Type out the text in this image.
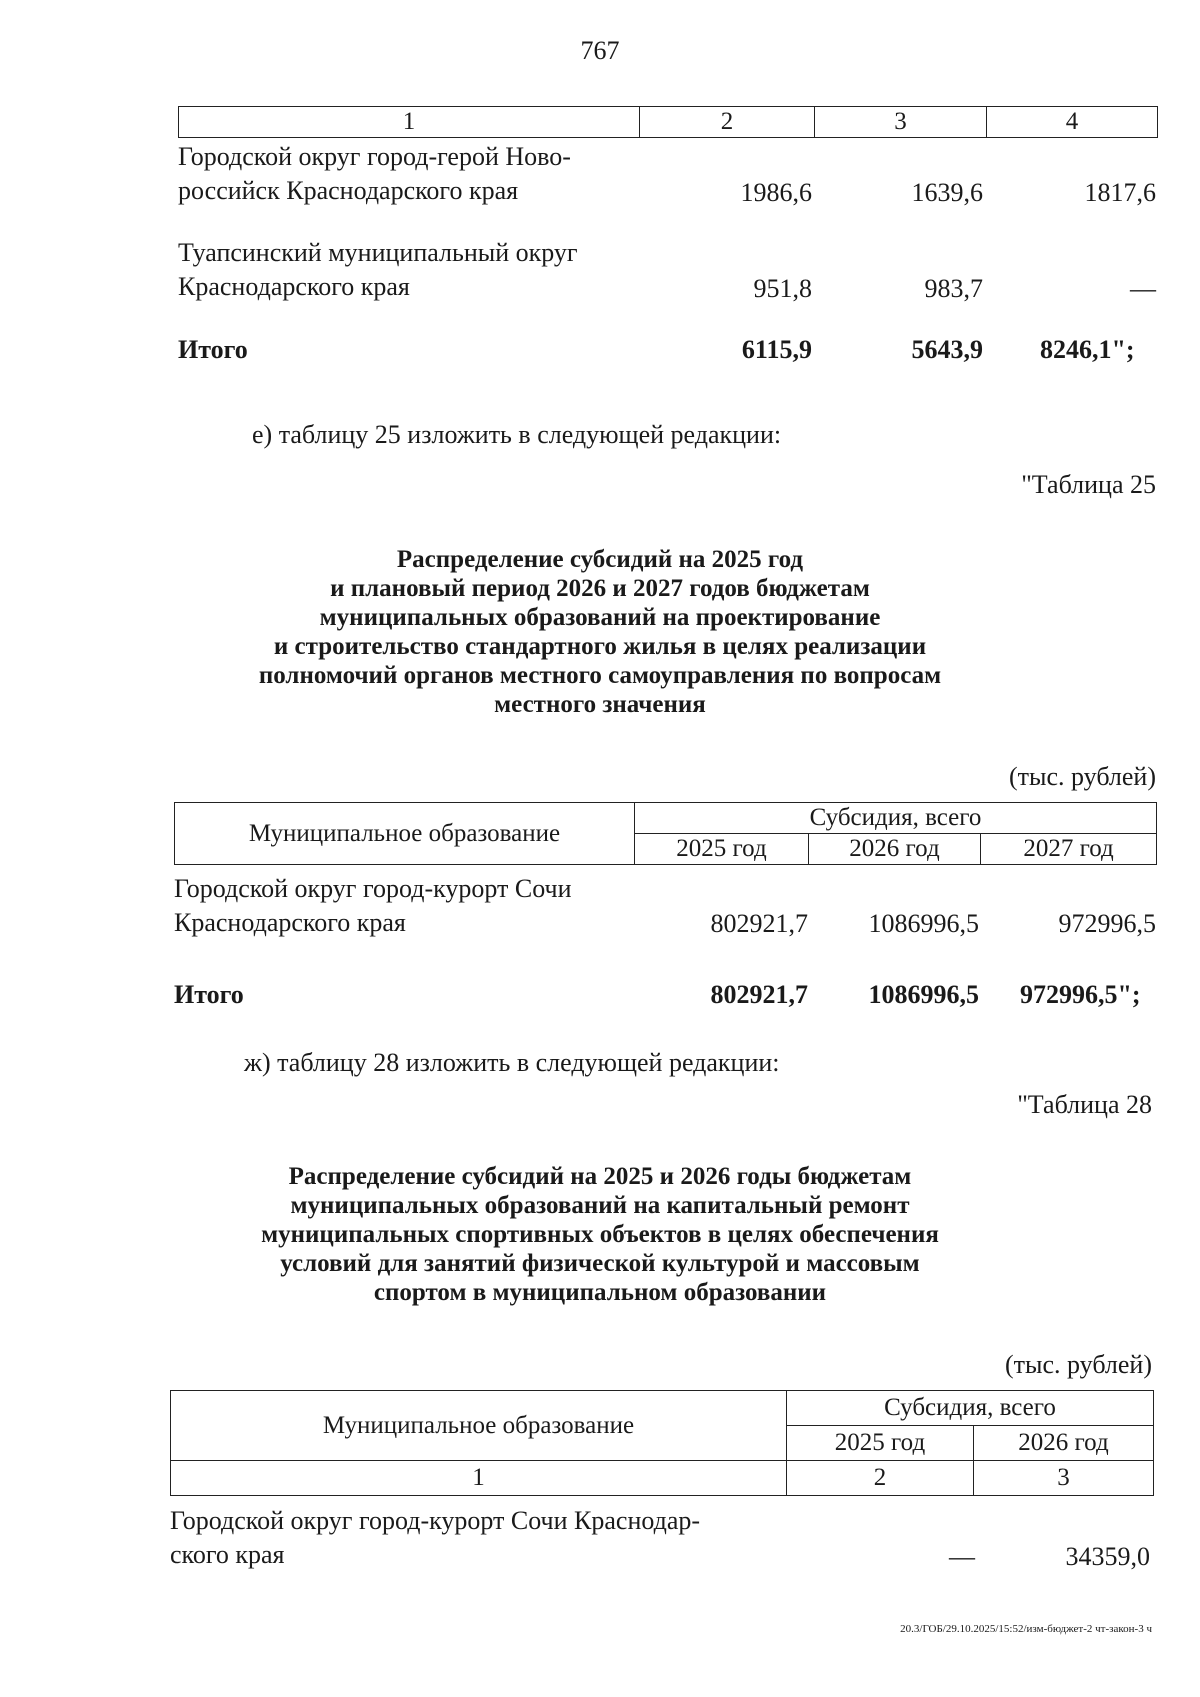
767
1	2	3	4
Городской округ город-герой Ново-
российск Краснодарского края	1986,6	1639,6	1817,6
Туапсинский муниципальный округ
Краснодарского края	951,8	983,7	—
Итого	6115,9	5643,9 8246,1";
е) таблицу 25 изложить в следующей редакции:
"Таблица 25
Распределение субсидий на 2025 год
и плановый период 2026 и 2027 годов бюджетам
муниципальных образований на проектирование
и строительство стандартного жилья в целях реализации
полномочий органов местного самоуправления по вопросам
местного значения
(тыс. рублей)
Муниципальное образование	Субсидия, всего		
	2025 год	2026 год	2027 год
Городской округ город-курорт Сочи
Краснодарского края	802921,7 1086996,5	972996,5
Итого	802921,7 1086996,5 972996,5";
ж) таблицу 28 изложить в следующей редакции:
"Таблица 28
Распределение субсидий на 2025 и 2026 годы бюджетам
муниципальных образований на капитальный ремонт
муниципальных спортивных объектов в целях обеспечения
условий для занятий физической культурой и массовым
спортом в муниципальном образовании
(тыс. рублей)
Муниципальное образование	Субсидия, всего	
	2025 год	2026 год
1	2	3
Городской округ город-курорт Сочи Краснодар-
ского края	—	34359,0
20.3/ГОБ/29.10.2025/15:52/изм-бюджет-2 чт-закон-3 ч
